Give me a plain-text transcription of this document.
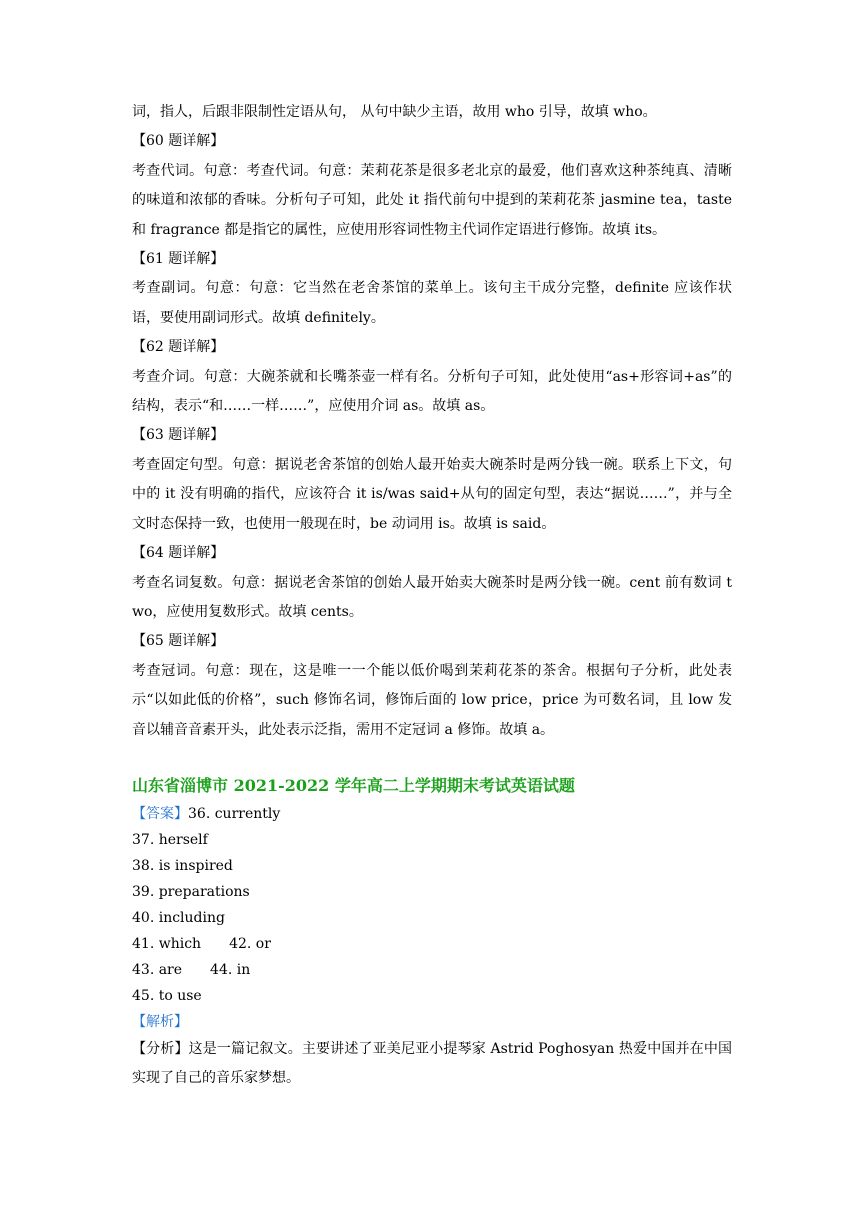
词，指人，后跟非限制性定语从句， 从句中缺少主语，故用 who 引导，故填 who。

【60 题详解】

考查代词。句意：考查代词。句意：茉莉花茶是很多老北京的最爱，他们喜欢这种茶纯真、清晰的味道和浓郁的香味。分析句子可知，此处 it 指代前句中提到的茉莉花茶 jasmine tea，taste 和 fragrance 都是指它的属性，应使用形容词性物主代词作定语进行修饰。故填 its。

【61 题详解】

考查副词。句意：句意：它当然在老舍茶馆的菜单上。该句主干成分完整，definite 应该作状语，要使用副词形式。故填 definitely。

【62 题详解】

考查介词。句意：大碗茶就和长嘴茶壶一样有名。分析句子可知，此处使用“as+形容词+as”的结构，表示“和……一样……”，应使用介词 as。故填 as。

【63 题详解】

考查固定句型。句意：据说老舍茶馆的创始人最开始卖大碗茶时是两分钱一碗。联系上下文，句中的 it 没有明确的指代，应该符合 it is/was said+从句的固定句型，表达“据说……”，并与全文时态保持一致，也使用一般现在时，be 动词用 is。故填 is said。

【64 题详解】

考查名词复数。句意：据说老舍茶馆的创始人最开始卖大碗茶时是两分钱一碗。cent 前有数词 two，应使用复数形式。故填 cents。

【65 题详解】

考查冠词。句意：现在，这是唯一一个能以低价喝到茉莉花茶的茶舍。根据句子分析，此处表示“以如此低的价格”，such 修饰名词，修饰后面的 low price，price 为可数名词，且 low 发音以辅音音素开头，此处表示泛指，需用不定冠词 a 修饰。故填 a。

山东省淄博市 2021-2022 学年高二上学期期末考试英语试题
【答案】36. currently
37. herself
38. is inspired
39. preparations
40. including
41. which 42. or
43. are 44. in
45. to use
【解析】

【分析】这是一篇记叙文。主要讲述了亚美尼亚小提琴家 Astrid Poghosyan 热爱中国并在中国实现了自己的音乐家梦想。
